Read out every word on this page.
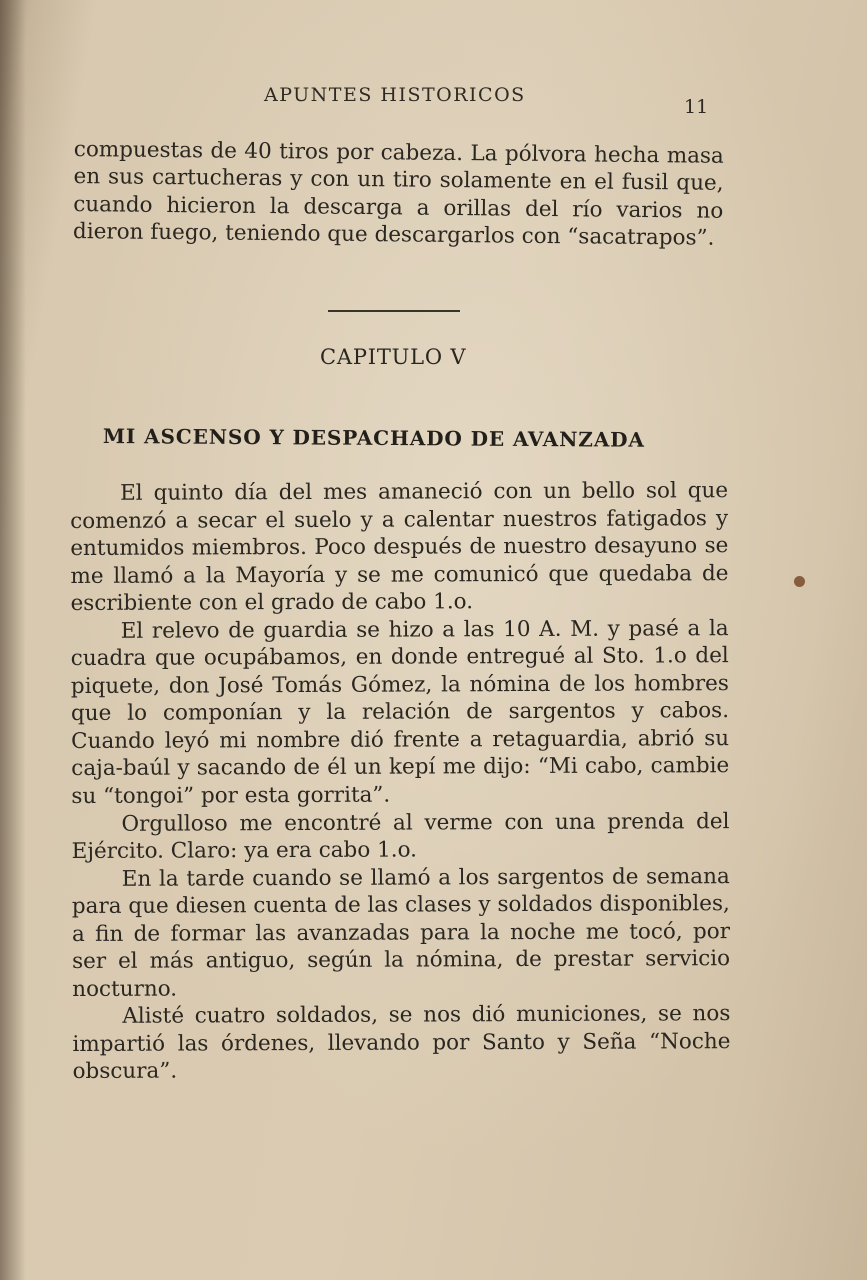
APUNTES HISTORICOS
11

compuestas de 40 tiros por cabeza. La pólvora hecha masa en sus cartucheras y con un tiro solamente en el fusil que, cuando hicieron la descarga a orillas del río varios no dieron fuego, teniendo que descargarlos con “sacatrapos”.

CAPITULO V
MI ASCENSO Y DESPACHADO DE AVANZADA

El quinto día del mes amaneció con un bello sol que comenzó a secar el suelo y a calentar nuestros fatigados y entumidos miembros. Poco después de nuestro desayuno se me llamó a la Mayoría y se me comunicó que quedaba de escribiente con el grado de cabo 1.o.

El relevo de guardia se hizo a las 10 A. M. y pasé a la cuadra que ocupábamos, en donde entregué al Sto. 1.o del piquete, don José Tomás Gómez, la nómina de los hombres que lo componían y la relación de sargentos y cabos. Cuando leyó mi nombre dió frente a retaguardia, abrió su caja-baúl y sacando de él un kepí me dijo: “Mi cabo, cambie su “tongoi” por esta gorrita”.

Orgulloso me encontré al verme con una prenda del Ejército. Claro: ya era cabo 1.o.

En la tarde cuando se llamó a los sargentos de semana para que diesen cuenta de las clases y soldados disponibles, a fin de formar las avanzadas para la noche me tocó, por ser el más antiguo, según la nómina, de prestar servicio nocturno.

Alisté cuatro soldados, se nos dió municiones, se nos impartió las órdenes, llevando por Santo y Seña “Noche obscura”.
